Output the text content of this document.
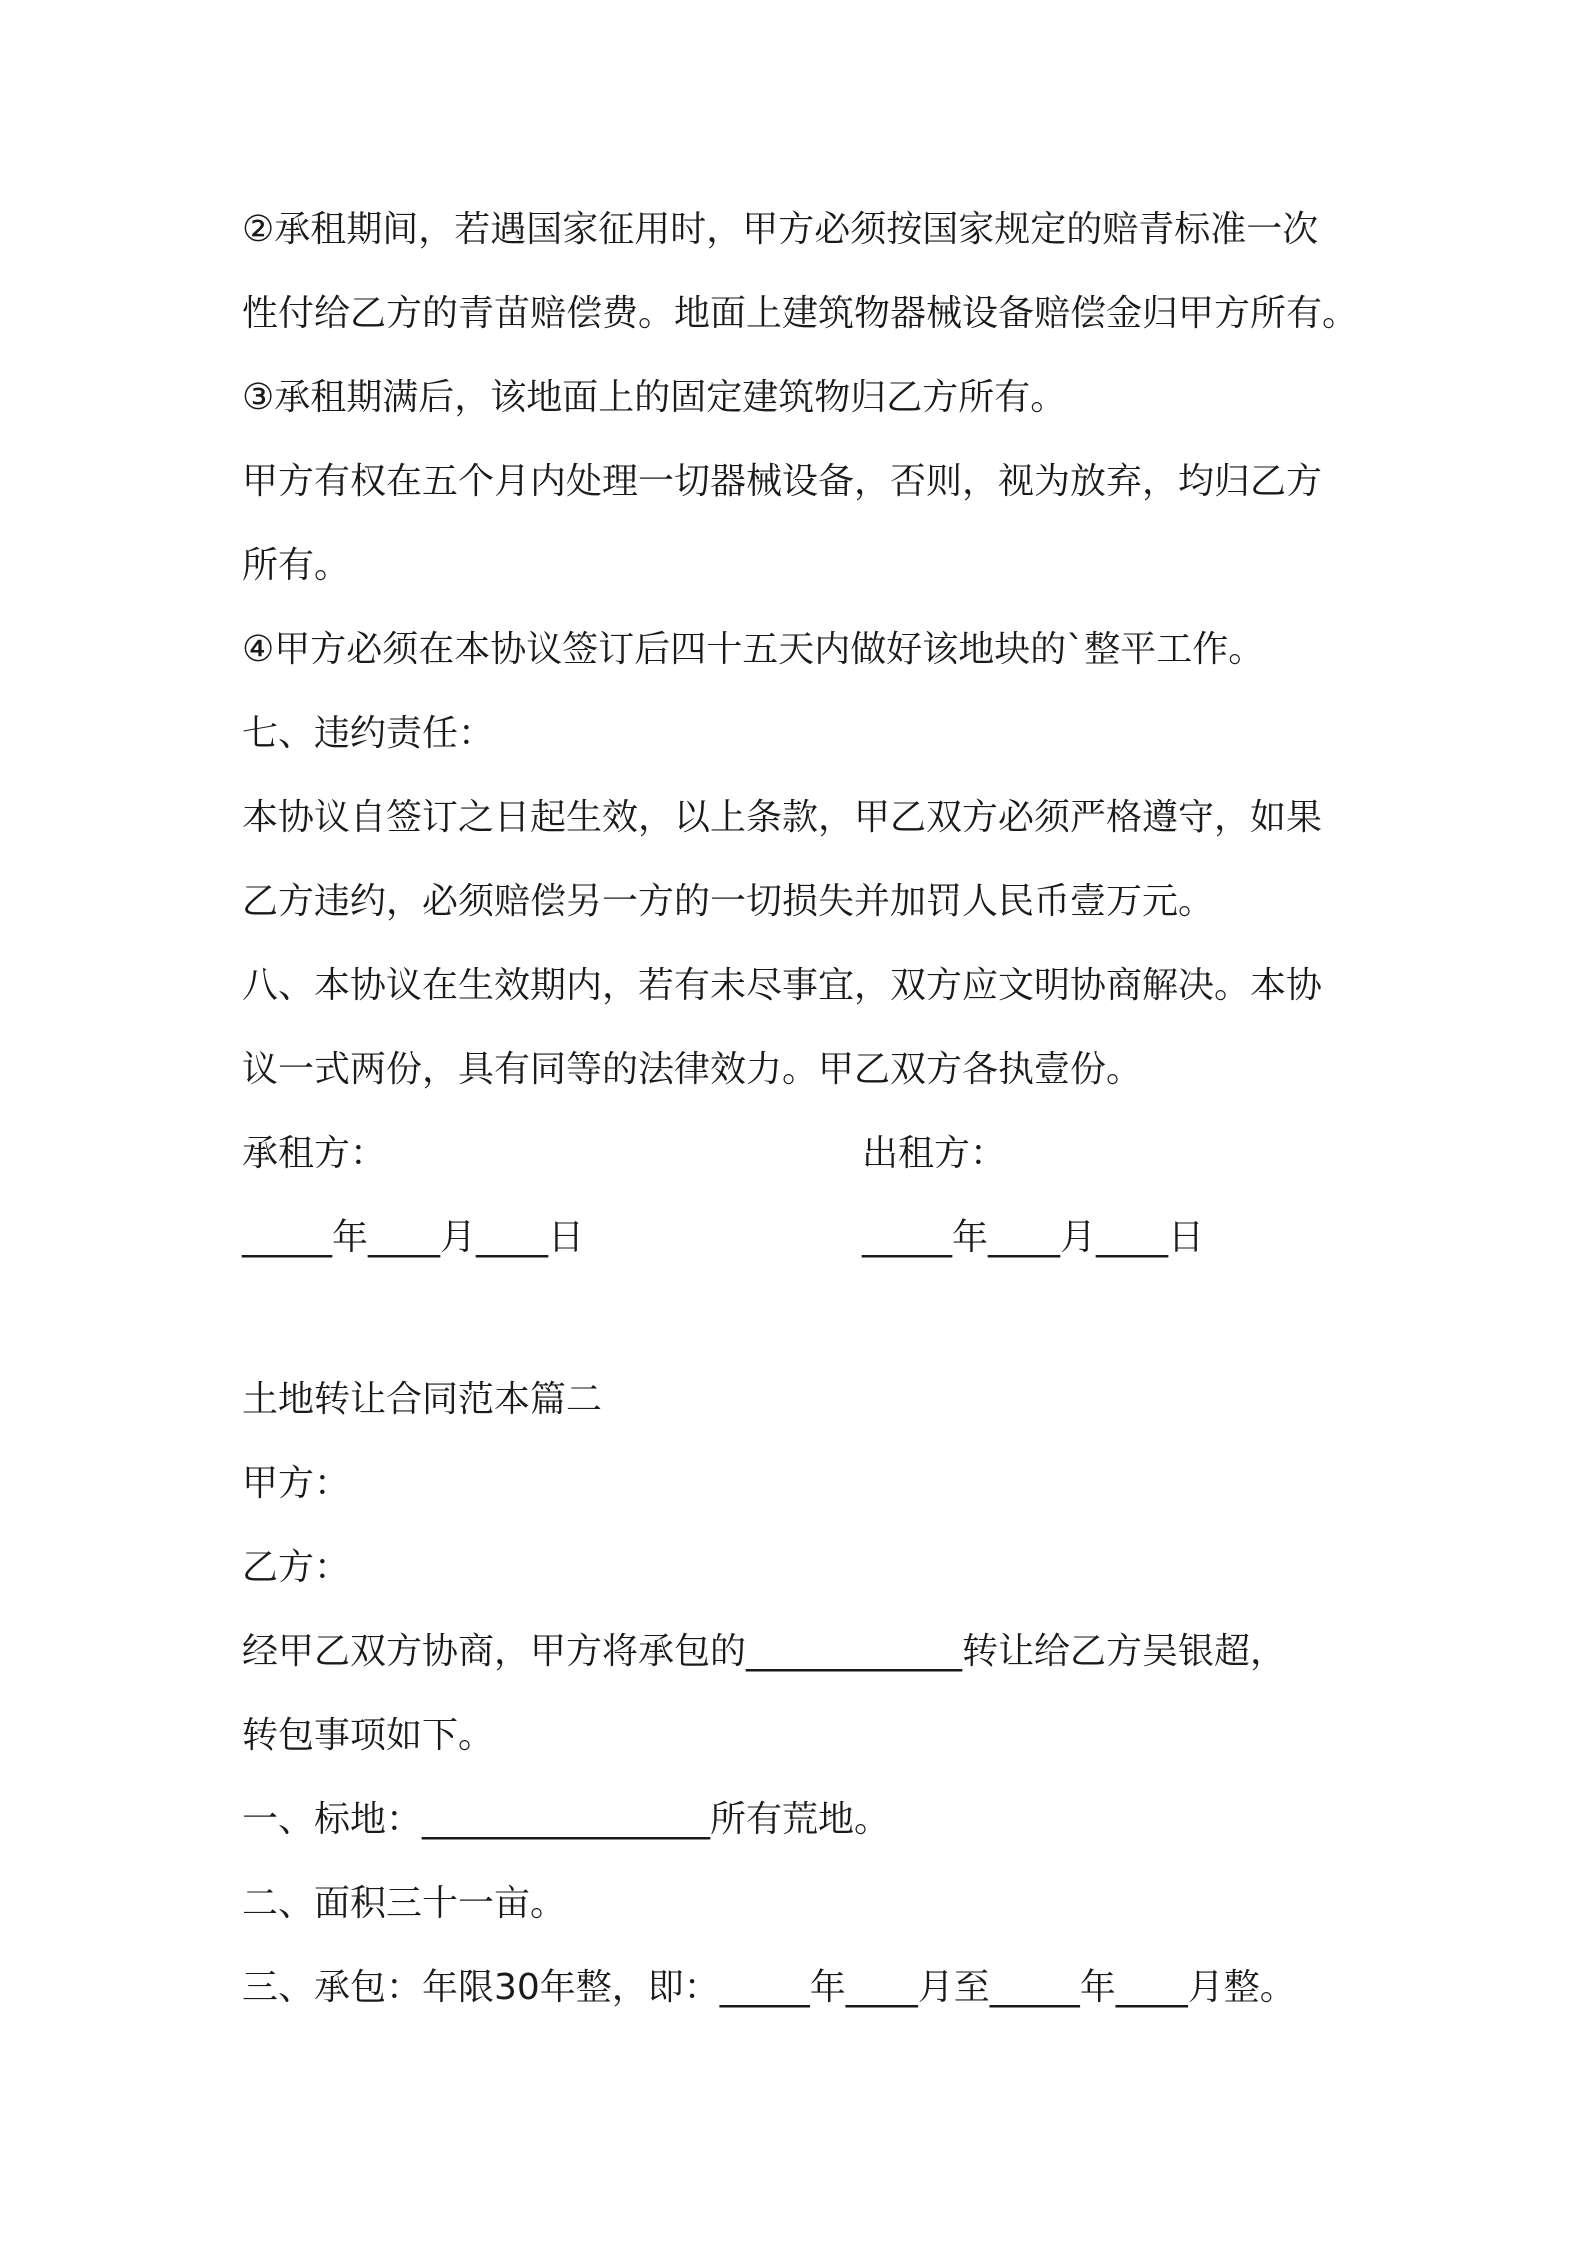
②承租期间，若遇国家征用时，甲方必须按国家规定的赔青标准一次

性付给乙方的青苗赔偿费。地面上建筑物器械设备赔偿金归甲方所有。

③承租期满后，该地面上的固定建筑物归乙方所有。

甲方有权在五个月内处理一切器械设备，否则，视为放弃，均归乙方

所有。

④甲方必须在本协议签订后四十五天内做好该地块的`整平工作。

七、违约责任：

本协议自签订之日起生效，以上条款，甲乙双方必须严格遵守，如果

乙方违约，必须赔偿另一方的一切损失并加罚人民币壹万元。

八、本协议在生效期内，若有未尽事宜，双方应文明协商解决。本协

议一式两份，具有同等的法律效力。甲乙双方各执壹份。

承租方：	出租方：

_____年____月____日	_____年____月____日

土地转让合同范本篇二

甲方：

乙方：

经甲乙双方协商，甲方将承包的____________转让给乙方吴银超，

转包事项如下。

一、标地：________________所有荒地。

二、面积三十一亩。

三、承包：年限30年整，即：_____年____月至_____年____月整。
